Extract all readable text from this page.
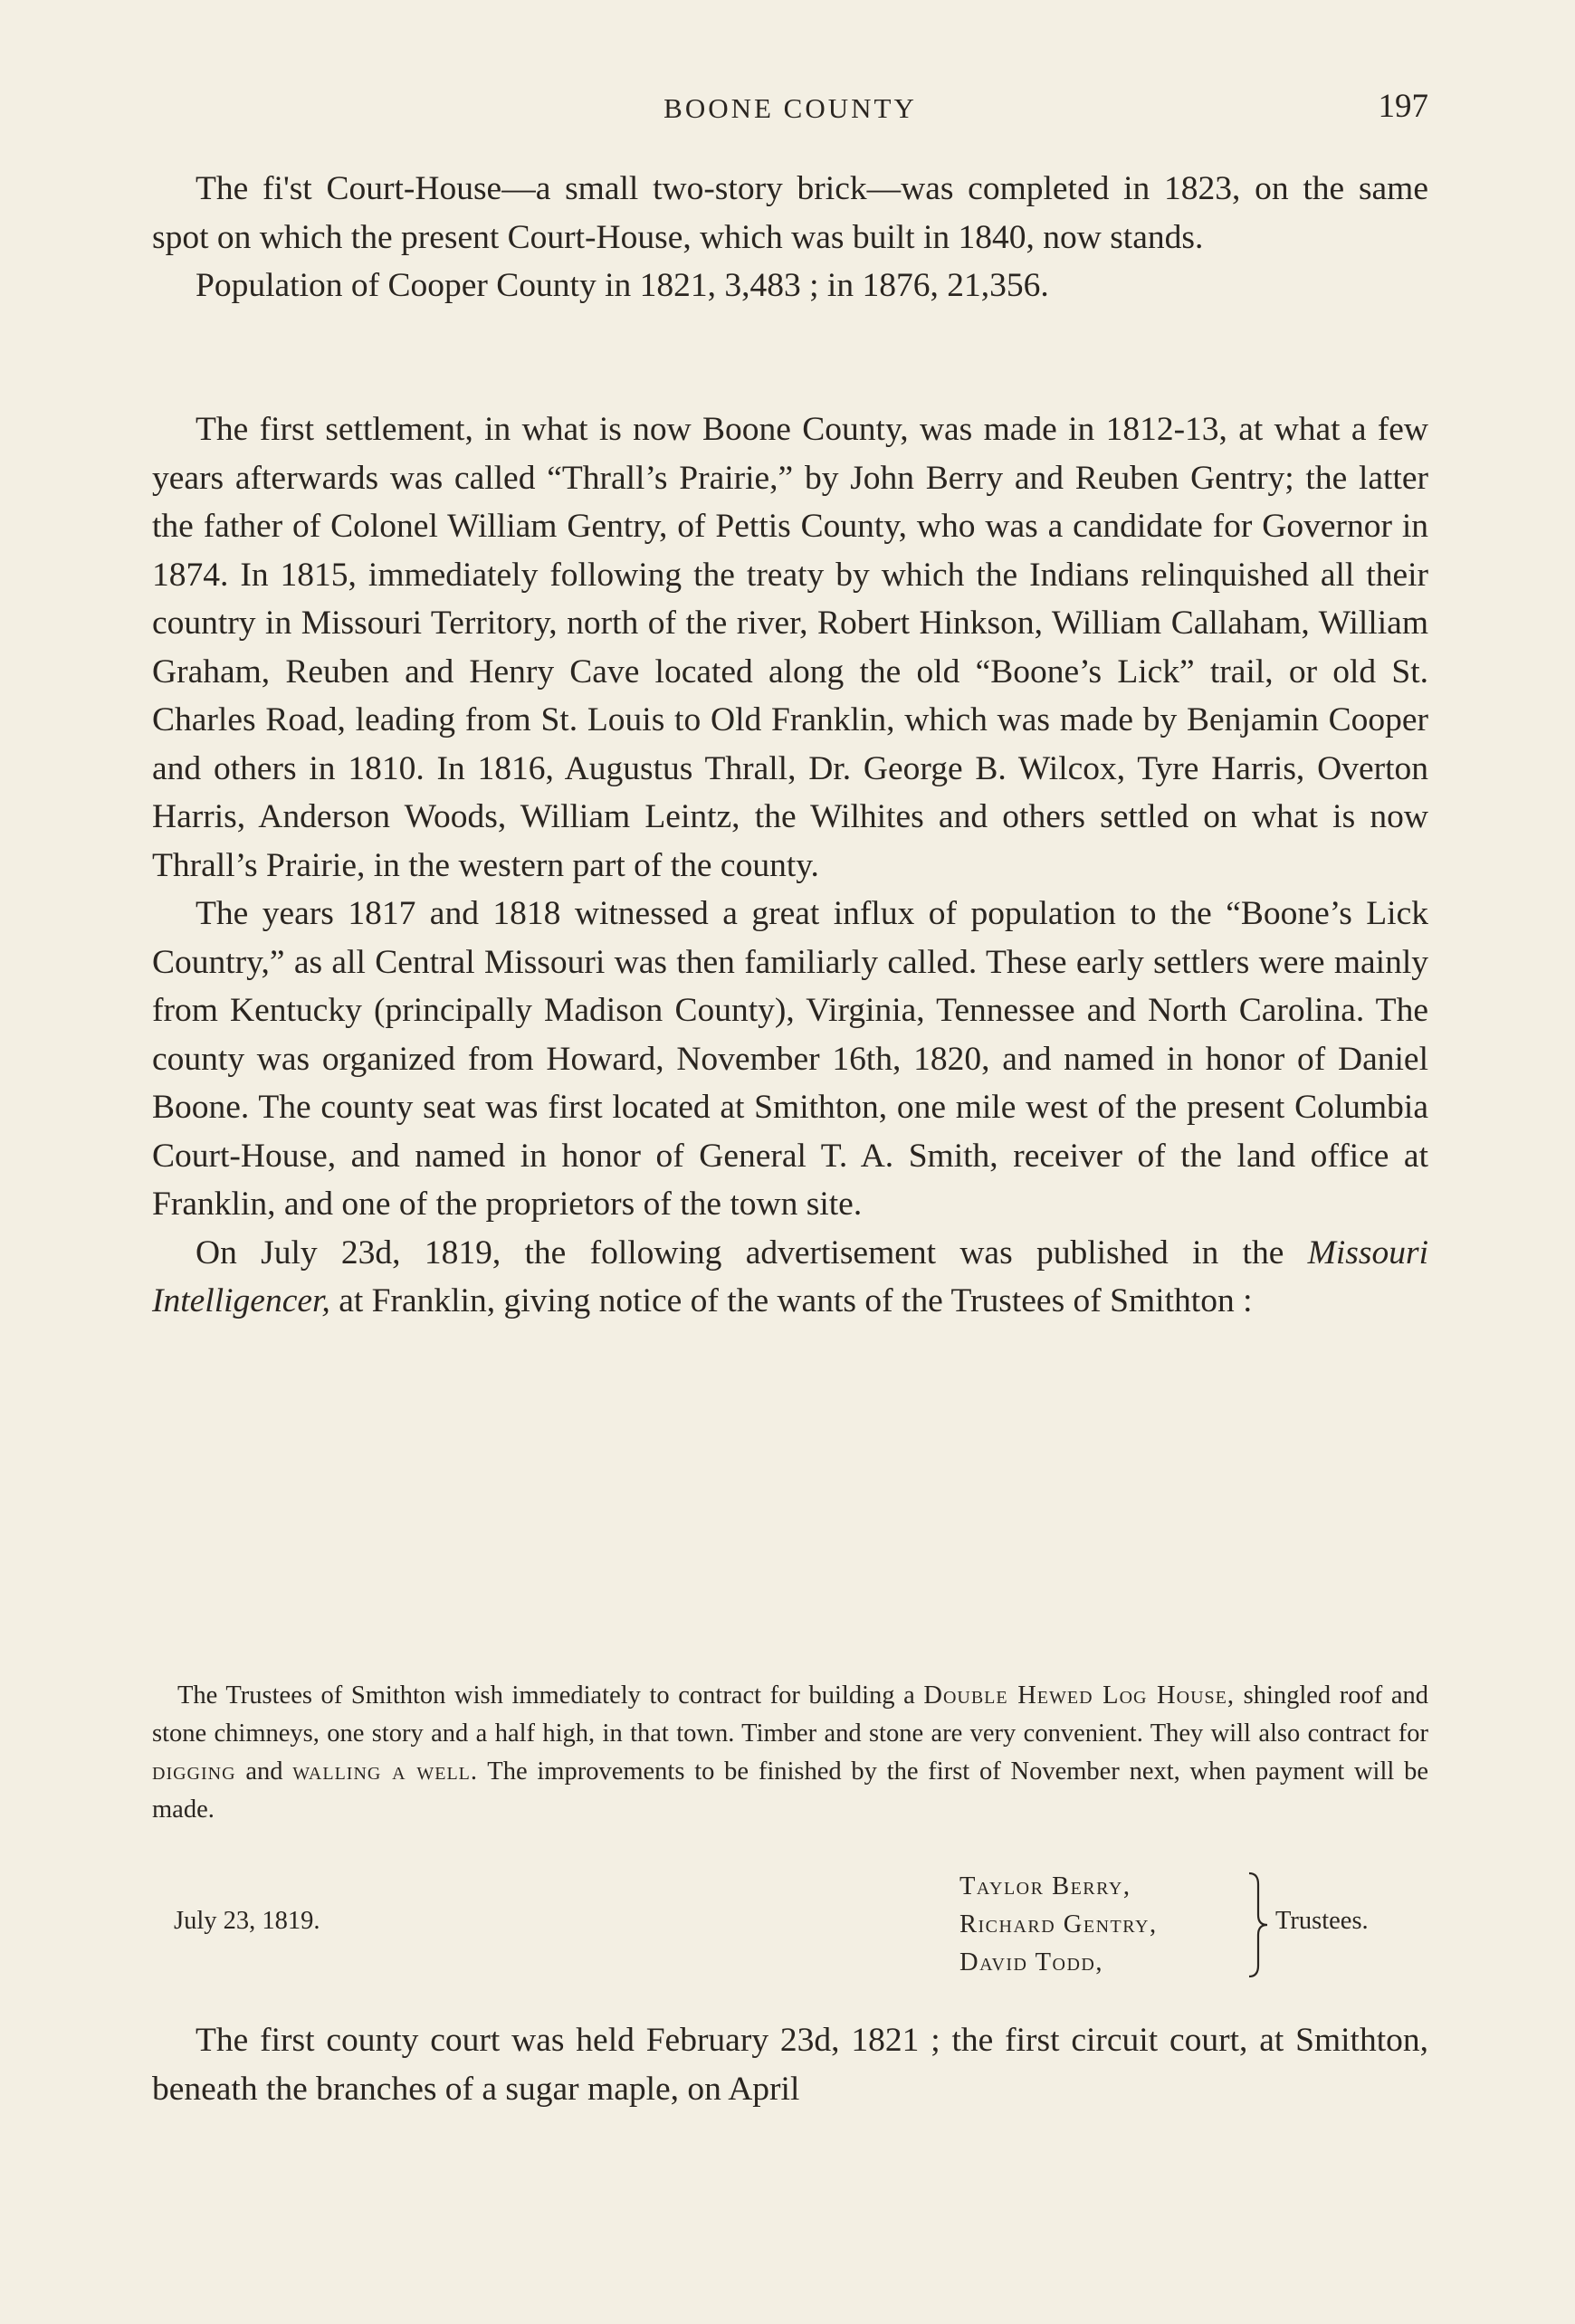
BOONE COUNTY	197

The fi'st Court-House—a small two-story brick—was completed in 1823, on the same spot on which the present Court-House, which was built in 1840, now stands.

Population of Cooper County in 1821, 3,483 ; in 1876, 21,356.

The first settlement, in what is now Boone County, was made in 1812-13, at what a few years afterwards was called “Thrall’s Prairie,” by John Berry and Reuben Gentry; the latter the father of Colonel William Gentry, of Pettis County, who was a candidate for Governor in 1874. In 1815, immediately following the treaty by which the Indians relinquished all their country in Missouri Territory, north of the river, Robert Hinkson, William Callaham, William Graham, Reuben and Henry Cave located along the old “Boone’s Lick” trail, or old St. Charles Road, leading from St. Louis to Old Franklin, which was made by Benjamin Cooper and others in 1810. In 1816, Augustus Thrall, Dr. George B. Wilcox, Tyre Harris, Overton Harris, Anderson Woods, William Leintz, the Wilhites and others settled on what is now Thrall’s Prairie, in the western part of the county.

The years 1817 and 1818 witnessed a great influx of population to the “Boone’s Lick Country,” as all Central Missouri was then familiarly called. These early settlers were mainly from Kentucky (principally Madison County), Virginia, Tennessee and North Carolina. The county was organized from Howard, November 16th, 1820, and named in honor of Daniel Boone. The county seat was first located at Smithton, one mile west of the present Columbia Court-House, and named in honor of General T. A. Smith, receiver of the land office at Franklin, and one of the proprietors of the town site.

On July 23d, 1819, the following advertisement was published in the Missouri Intelligencer, at Franklin, giving notice of the wants of the Trustees of Smithton :

The Trustees of Smithton wish immediately to contract for building a Double Hewed Log House, shingled roof and stone chimneys, one story and a half high, in that town. Timber and stone are very convenient. They will also contract for digging and walling a well. The improvements to be finished by the first of November next, when payment will be made.

July 23, 1819.
Taylor Berry,
Richard Gentry,
David Todd,
Trustees.

The first county court was held February 23d, 1821 ; the first circuit court, at Smithton, beneath the branches of a sugar maple, on April
